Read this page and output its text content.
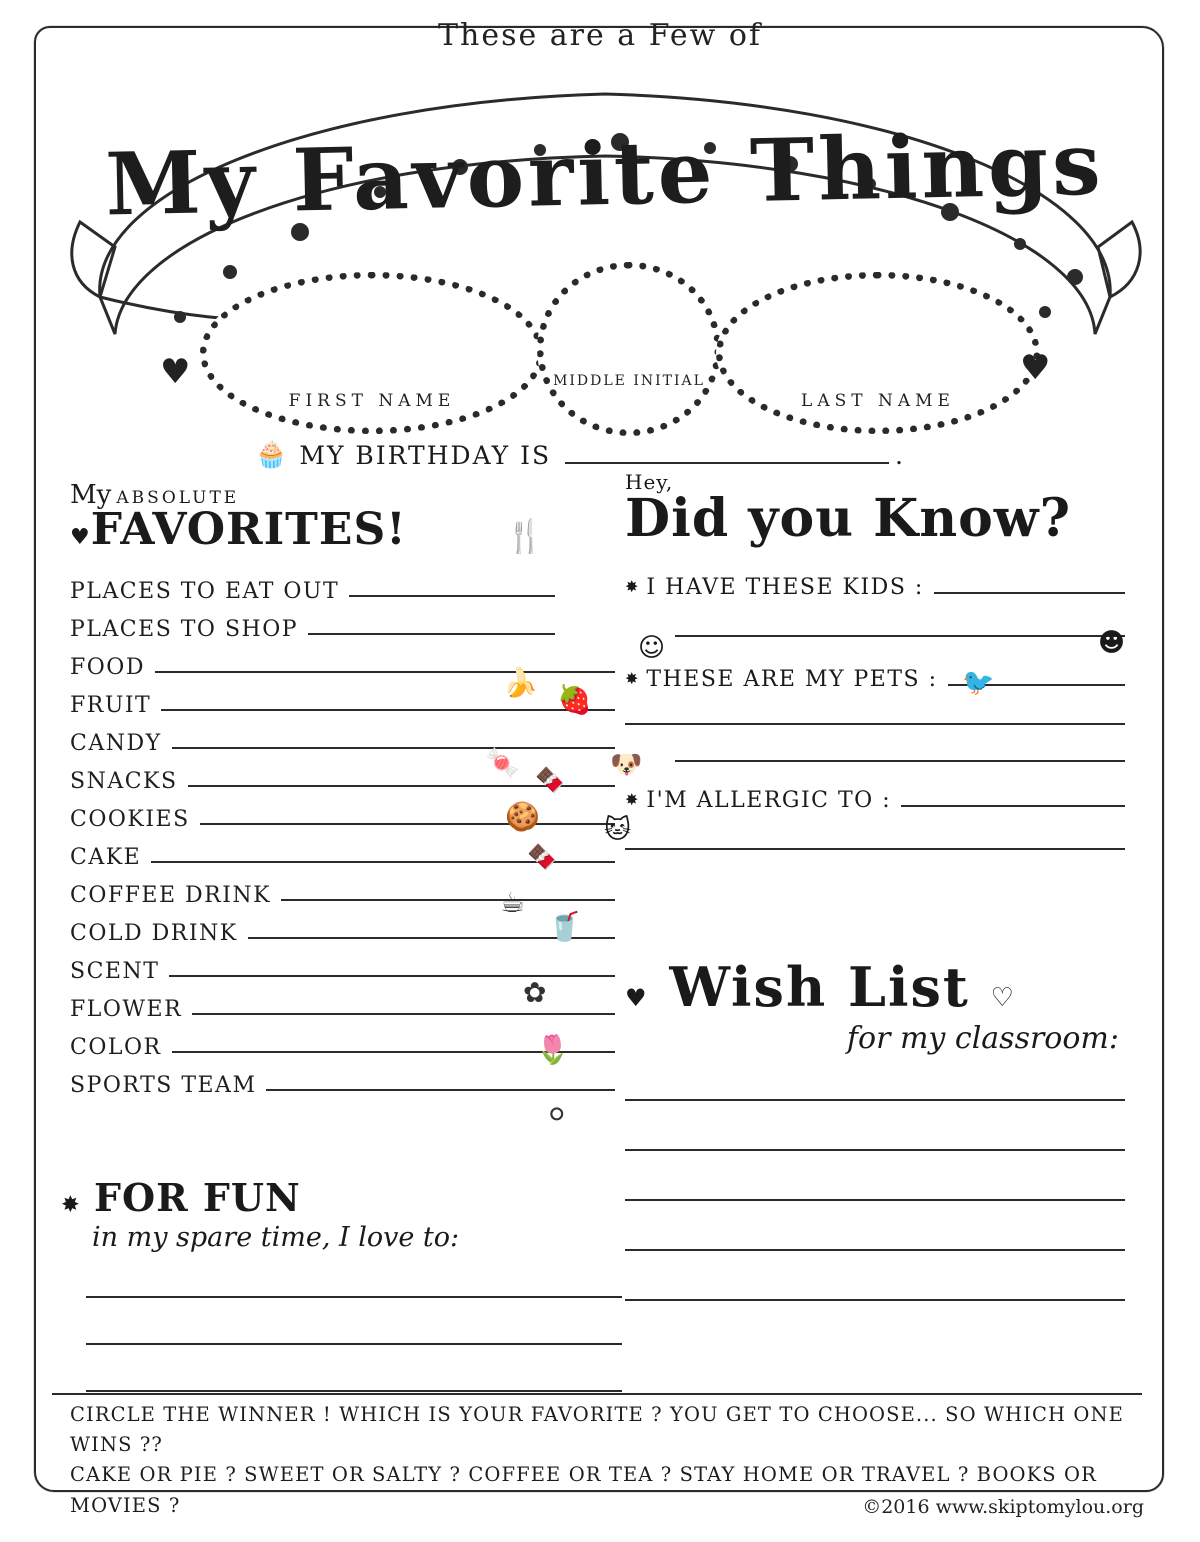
These are a Few of
My Favorite Things
FIRST NAME
MIDDLE INITIAL
LAST NAME
♥	♥
🧁 MY BIRTHDAY IS	.
My ABSOLUTE
♥FAVORITES!
PLACES TO EAT OUT
PLACES TO SHOP
FOOD
FRUIT
CANDY
SNACKS
COOKIES
CAKE
COFFEE DRINK
COLD DRINK
SCENT
FLOWER
COLOR
SPORTS TEAM
🍴
🍌
🍓
🍬
🍫
🍪
🍫
☕
🥤
✿
🌷
⚪
✸ FOR FUN
in my spare time, I love to:
Hey,
Did you Know?
✸ I HAVE THESE KIDS :
✸ THESE ARE MY PETS :
✸ I'M ALLERGIC TO :
☺	☻
🐦
🐶
🐱
♥ Wish List ♡
for my classroom:
CIRCLE THE WINNER ! WHICH IS YOUR FAVORITE ? YOU GET TO CHOOSE... SO WHICH ONE WINS ??
CAKE OR PIE ? SWEET OR SALTY ? COFFEE OR TEA ? STAY HOME OR TRAVEL ? BOOKS OR MOVIES ?	©2016 www.skiptomylou.org
